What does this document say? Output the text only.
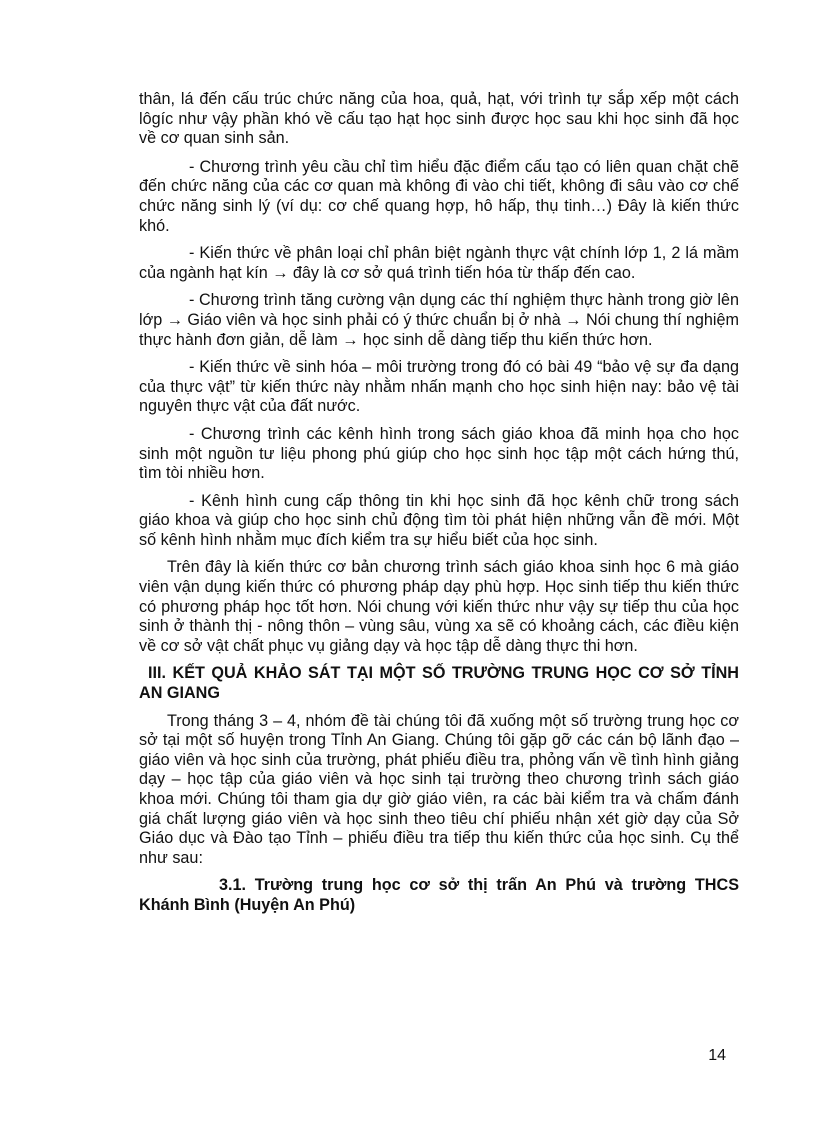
thân, lá đến cấu trúc chức năng của hoa, quả, hạt, với trình tự sắp xếp một cách lôgíc như vậy phần khó về cấu tạo hạt học sinh được học sau khi học sinh đã học về cơ quan sinh sản.

- Chương trình yêu cầu chỉ tìm hiểu đặc điểm cấu tạo có liên quan chặt chẽ đến chức năng của các cơ quan mà không đi vào chi tiết, không đi sâu vào cơ chế chức năng sinh lý (ví dụ: cơ chế quang hợp, hô hấp, thụ tinh…) Đây là kiến thức khó.

- Kiến thức về phân loại chỉ phân biệt ngành thực vật chính lớp 1, 2 lá mầm của ngành hạt kín → đây là cơ sở quá trình tiến hóa từ thấp đến cao.

- Chương trình tăng cường vận dụng các thí nghiệm thực hành trong giờ lên lớp → Giáo viên và học sinh phải có ý thức chuẩn bị ở nhà → Nói chung thí nghiệm thực hành đơn giản, dễ làm → học sinh dễ dàng tiếp thu kiến thức hơn.

- Kiến thức về sinh hóa – môi trường trong đó có bài 49 “bảo vệ sự đa dạng của thực vật” từ kiến thức này nhằm nhấn mạnh cho học sinh hiện nay: bảo vệ tài nguyên thực vật của đất nước.

- Chương trình các kênh hình trong sách giáo khoa đã minh họa cho học sinh một nguồn tư liệu phong phú giúp cho học sinh học tập một cách hứng thú, tìm tòi nhiều hơn.

- Kênh hình cung cấp thông tin khi học sinh đã học kênh chữ trong sách giáo khoa và giúp cho học sinh chủ động tìm tòi phát hiện những vẫn đề mới. Một số kênh hình nhằm mục đích kiểm tra sự hiểu biết của học sinh.

Trên đây là kiến thức cơ bản chương trình sách giáo khoa sinh học 6 mà giáo viên vận dụng kiến thức có phương pháp dạy phù hợp. Học sinh tiếp thu kiến thức có phương pháp học tốt hơn. Nói chung với kiến thức như vậy sự tiếp thu của học sinh ở thành thị - nông thôn – vùng sâu, vùng xa sẽ có khoảng cách, các điều kiện về cơ sở vật chất phục vụ giảng dạy và học tập dễ dàng thực thi hơn.

III. KẾT QUẢ KHẢO SÁT TẠI MỘT SỐ TRƯỜNG TRUNG HỌC CƠ SỞ TỈNH AN GIANG

Trong tháng 3 – 4, nhóm đề tài chúng tôi đã xuống một số trường trung học cơ sở tại một số huyện trong Tỉnh An Giang. Chúng tôi gặp gỡ các cán bộ lãnh đạo – giáo viên và học sinh của trường, phát phiếu điều tra, phỏng vấn về tình hình giảng dạy – học tập của giáo viên và học sinh tại trường theo chương trình sách giáo khoa mới. Chúng tôi tham gia dự giờ giáo viên, ra các bài kiểm tra và chấm đánh giá chất lượng giáo viên và học sinh theo tiêu chí phiếu nhận xét giờ dạy của Sở Giáo dục và Đào tạo Tỉnh – phiếu điều tra tiếp thu kiến thức của học sinh. Cụ thể như sau:

3.1. Trường trung học cơ sở thị trấn An Phú và trường THCS Khánh Bình (Huyện An Phú)

14
